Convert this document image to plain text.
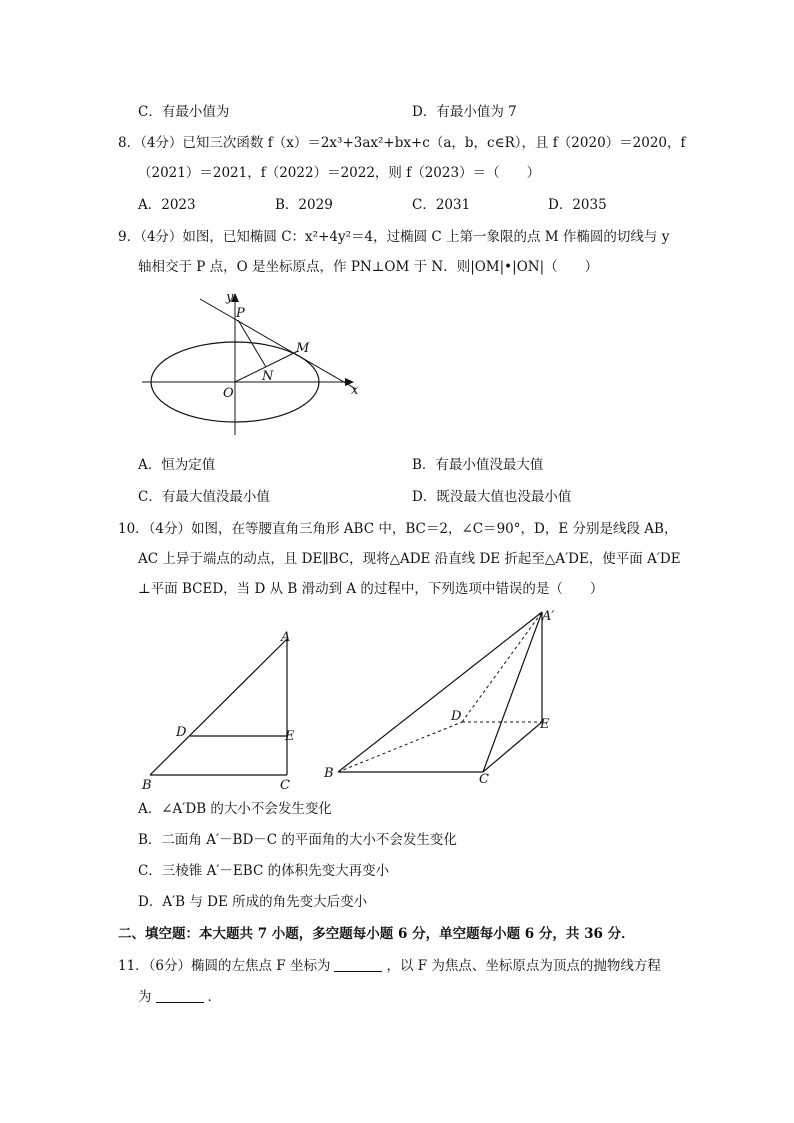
C．有最小值为	D．有最小值为 7
8．（4分）已知三次函数 f（x）＝2x³+3ax²+bx+c（a，b，c∈R），且 f（2020）＝2020，f
（2021）＝2021，f（2022）＝2022，则 f（2023）＝（　　）
A．2023	B．2029	C．2031	D．2035
9．（4分）如图，已知椭圆 C：x²+4y²＝4，过椭圆 C 上第一象限的点 M 作椭圆的切线与 y
轴相交于 P 点，O 是坐标原点，作 PN⊥OM 于 N．则|OM|•|ON|（　　）
y
P
M
N
O	x
A．恒为定值	B．有最小值没最大值
C．有最大值没最小值	D．既没最大值也没最小值
10．（4分）如图，在等腰直角三角形 ABC 中，BC＝2，∠C＝90°，D，E 分别是线段 AB，
AC 上异于端点的动点，且 DE∥BC，现将△ADE 沿直线 DE 折起至△A′DE，使平面 A′DE
⊥平面 BCED，当 D 从 B 滑动到 A 的过程中，下列选项中错误的是（　　）
A
D	E
B	C
A′
D
E
B	C
A．∠A′DB 的大小不会发生变化
B．二面角 A′－BD－C 的平面角的大小不会发生变化
C．三棱锥 A′－EBC 的体积先变大再变小
D．A′B 与 DE 所成的角先变大后变小
二、填空题：本大题共 7 小题，多空题每小题 6 分，单空题每小题 6 分，共 36 分．
11．（6分）椭圆的左焦点 F 坐标为	，以 F 为焦点、坐标原点为顶点的抛物线方程
为	．
